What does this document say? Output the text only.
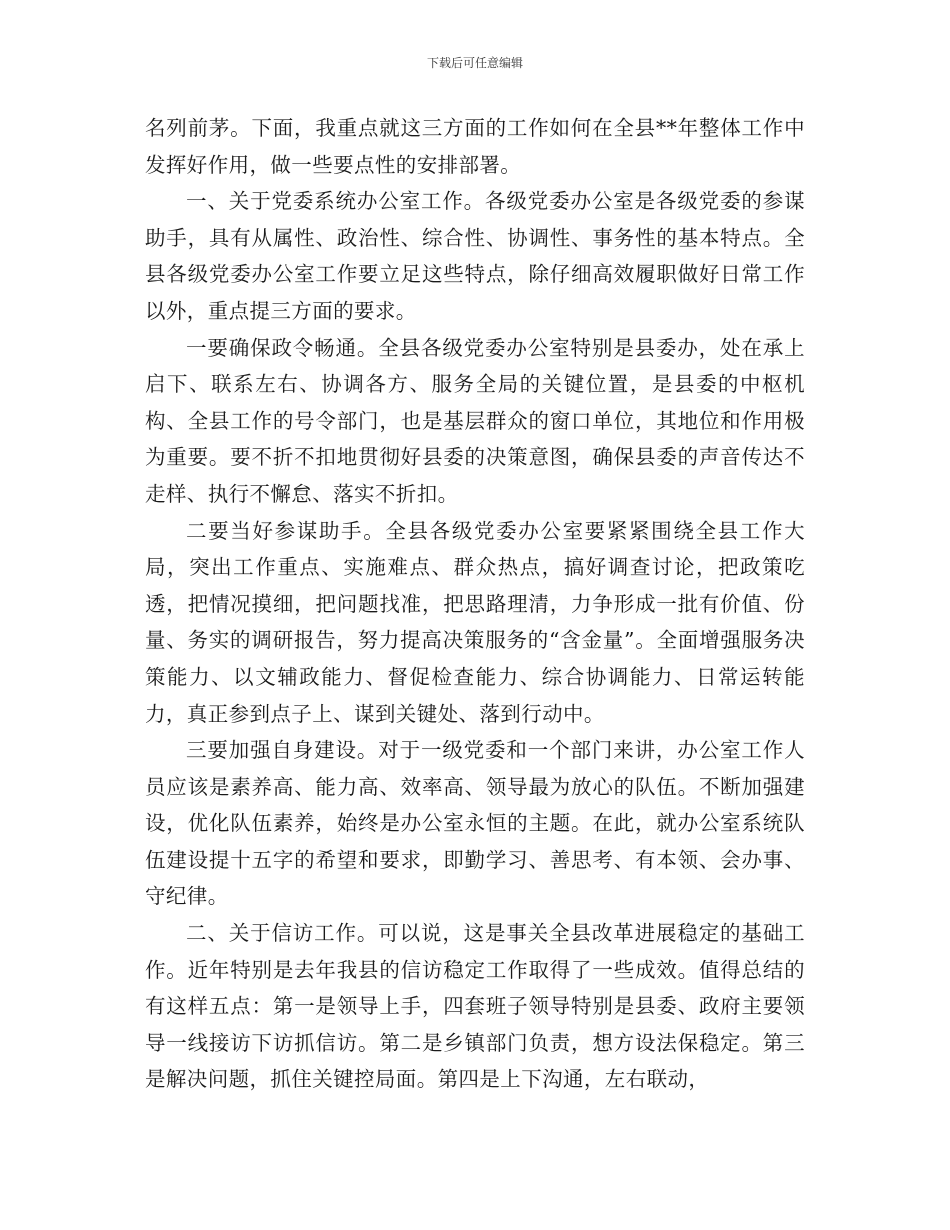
下载后可任意编辑

名列前茅。下面，我重点就这三方面的工作如何在全县**年整体工作中发挥好作用，做一些要点性的安排部署。

一、关于党委系统办公室工作。各级党委办公室是各级党委的参谋助手，具有从属性、政治性、综合性、协调性、事务性的基本特点。全县各级党委办公室工作要立足这些特点，除仔细高效履职做好日常工作以外，重点提三方面的要求。

一要确保政令畅通。全县各级党委办公室特别是县委办，处在承上启下、联系左右、协调各方、服务全局的关键位置，是县委的中枢机构、全县工作的号令部门，也是基层群众的窗口单位，其地位和作用极为重要。要不折不扣地贯彻好县委的决策意图，确保县委的声音传达不走样、执行不懈怠、落实不折扣。

二要当好参谋助手。全县各级党委办公室要紧紧围绕全县工作大局，突出工作重点、实施难点、群众热点，搞好调查讨论，把政策吃透，把情况摸细，把问题找准，把思路理清，力争形成一批有价值、份量、务实的调研报告，努力提高决策服务的“含金量”。全面增强服务决策能力、以文辅政能力、督促检查能力、综合协调能力、日常运转能力，真正参到点子上、谋到关键处、落到行动中。

三要加强自身建设。对于一级党委和一个部门来讲，办公室工作人员应该是素养高、能力高、效率高、领导最为放心的队伍。不断加强建设，优化队伍素养，始终是办公室永恒的主题。在此，就办公室系统队伍建设提十五字的希望和要求，即勤学习、善思考、有本领、会办事、守纪律。

二、关于信访工作。可以说，这是事关全县改革进展稳定的基础工作。近年特别是去年我县的信访稳定工作取得了一些成效。值得总结的有这样五点：第一是领导上手，四套班子领导特别是县委、政府主要领导一线接访下访抓信访。第二是乡镇部门负责，想方设法保稳定。第三是解决问题，抓住关键控局面。第四是上下沟通，左右联动，
